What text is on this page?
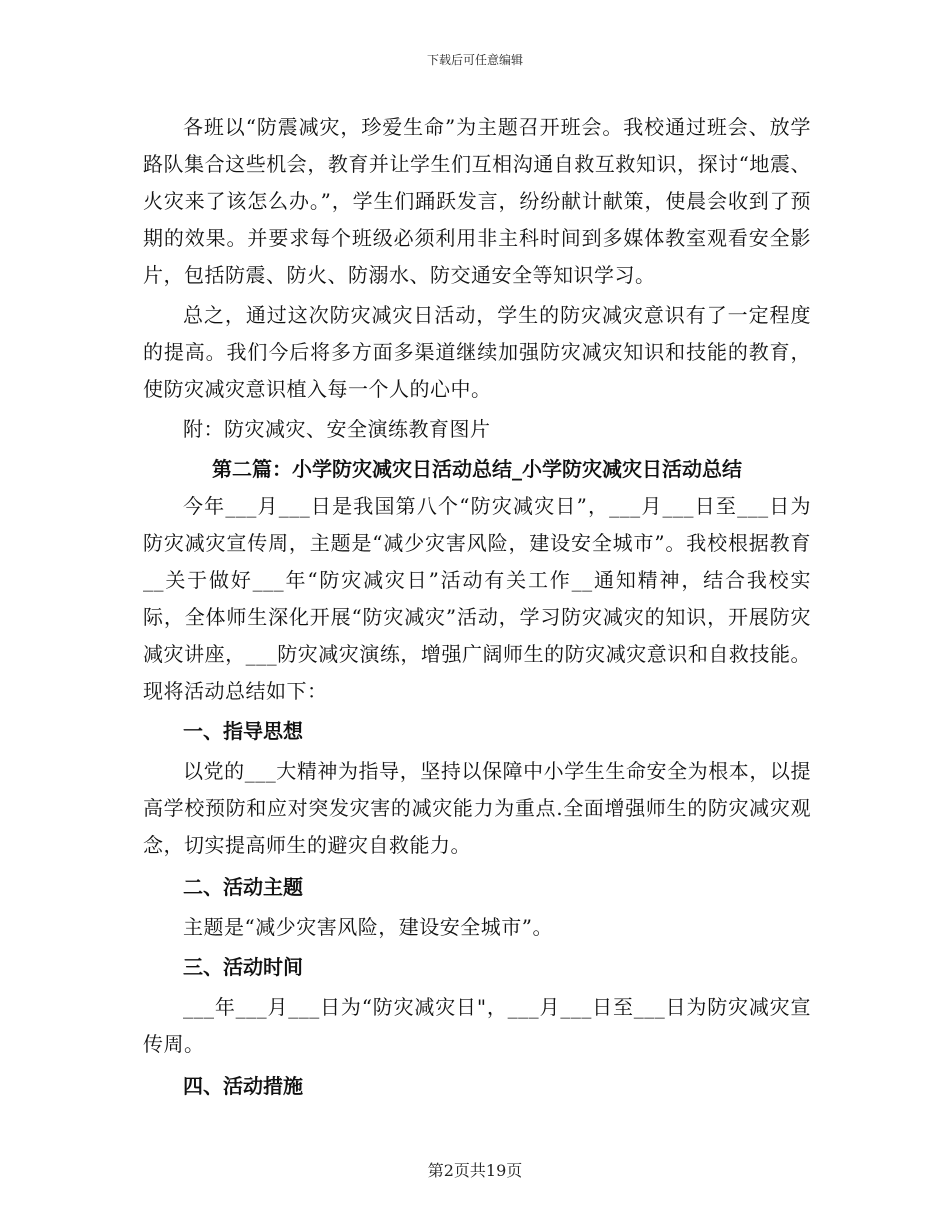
下载后可任意编辑

各班以“防震减灾，珍爱生命”为主题召开班会。我校通过班会、放学路队集合这些机会，教育并让学生们互相沟通自救互救知识，探讨“地震、火灾来了该怎么办。”，学生们踊跃发言，纷纷献计献策，使晨会收到了预期的效果。并要求每个班级必须利用非主科时间到多媒体教室观看安全影片，包括防震、防火、防溺水、防交通安全等知识学习。

总之，通过这次防灾减灾日活动，学生的防灾减灾意识有了一定程度的提高。我们今后将多方面多渠道继续加强防灾减灾知识和技能的教育，使防灾减灾意识植入每一个人的心中。

附：防灾减灾、安全演练教育图片

第二篇：小学防灾减灾日活动总结_小学防灾减灾日活动总结

今年___月___日是我国第八个“防灾减灾日”，___月___日至___日为防灾减灾宣传周，主题是“减少灾害风险，建设安全城市”。我校根据教育__关于做好___年“防灾减灾日”活动有关工作__通知精神，结合我校实际，全体师生深化开展“防灾减灾”活动，学习防灾减灾的知识，开展防灾减灾讲座，___防灾减灾演练，增强广阔师生的防灾减灾意识和自救技能。现将活动总结如下：

一、指导思想

以党的___大精神为指导，坚持以保障中小学生生命安全为根本，以提高学校预防和应对突发灾害的减灾能力为重点.全面增强师生的防灾减灾观念，切实提高师生的避灾自救能力。

二、活动主题

主题是“减少灾害风险，建设安全城市”。

三、活动时间

___年___月___日为“防灾减灾日"，___月___日至___日为防灾减灾宣传周。

四、活动措施

第2页共19页
